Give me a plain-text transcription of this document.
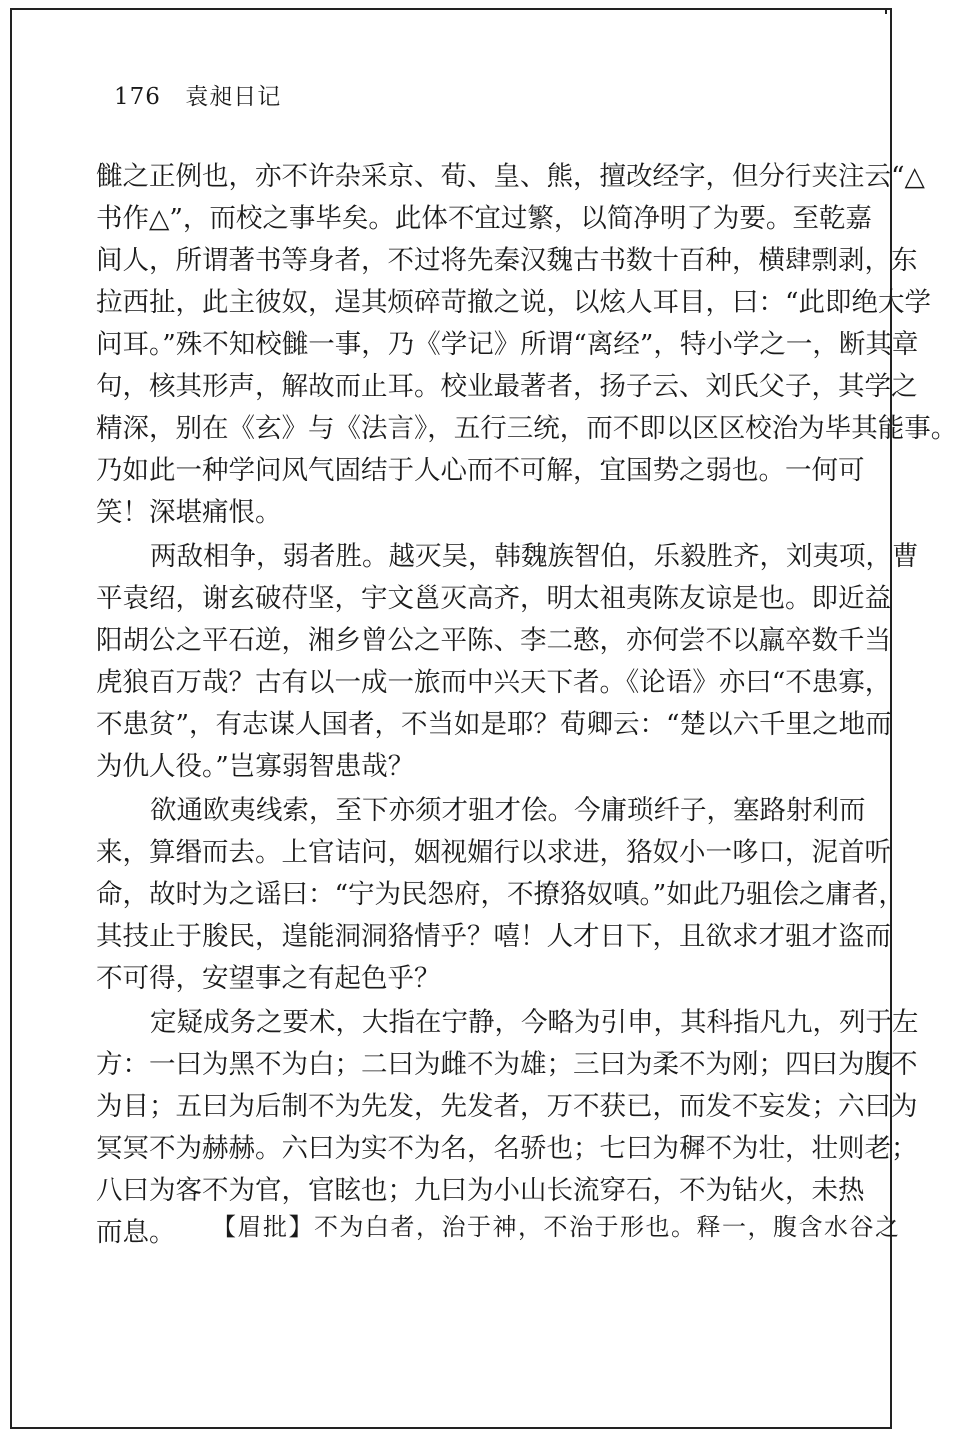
176 袁昶日记
雠之正例也，亦不许杂采京、荀、皇、熊，擅改经字，但分行夹注云“△
书作△”，而校之事毕矣。此体不宜过繁，以简净明了为要。至乾嘉
间人，所谓著书等身者，不过将先秦汉魏古书数十百种，横肆剽剥，东
拉西扯，此主彼奴，逞其烦碎苛撤之说，以炫人耳目，曰：“此即绝大学
问耳。”殊不知校雠一事，乃《学记》所谓“离经”，特小学之一，断其章
句，核其形声，解故而止耳。校业最著者，扬子云、刘氏父子，其学之
精深，别在《玄》与《法言》，五行三统，而不即以区区校治为毕其能事。
乃如此一种学问风气固结于人心而不可解，宜国势之弱也。一何可
笑！深堪痛恨。
两敌相争，弱者胜。越灭吴，韩魏族智伯，乐毅胜齐，刘夷项，曹
平袁绍，谢玄破苻坚，宇文邕灭高齐，明太祖夷陈友谅是也。即近益
阳胡公之平石逆，湘乡曾公之平陈、李二憨，亦何尝不以羸卒数千当
虎狼百万哉？古有以一成一旅而中兴天下者。《论语》亦曰“不患寡，
不患贫”，有志谋人国者，不当如是耶？荀卿云：“楚以六千里之地而
为仇人役。”岂寡弱智患哉？
欲通欧夷线索，至下亦须才驵才侩。今庸琐纤子，塞路射利而
来，算缗而去。上官诘问，姻视媚行以求进，狢奴小一哆口，泥首听
命，故时为之谣曰：“宁为民怨府，不撩狢奴嗔。”如此乃驵侩之庸者，
其技止于朘民，遑能洞洞狢情乎？嘻！人才日下，且欲求才驵才盗而
不可得，安望事之有起色乎？
定疑成务之要术，大指在宁静，今略为引申，其科指凡九，列于左
方：一曰为黑不为白；二曰为雌不为雄；三曰为柔不为刚；四曰为腹不
为目；五曰为后制不为先发，先发者，万不获已，而发不妄发；六曰为
冥冥不为赫赫。六曰为实不为名，名骄也；七曰为穉不为壮，壮则老；
八曰为客不为官，官眩也；九曰为小山长流穿石，不为钻火，未热
而息。	【眉批】不为白者，治于神，不治于形也。释一，腹含水谷之
